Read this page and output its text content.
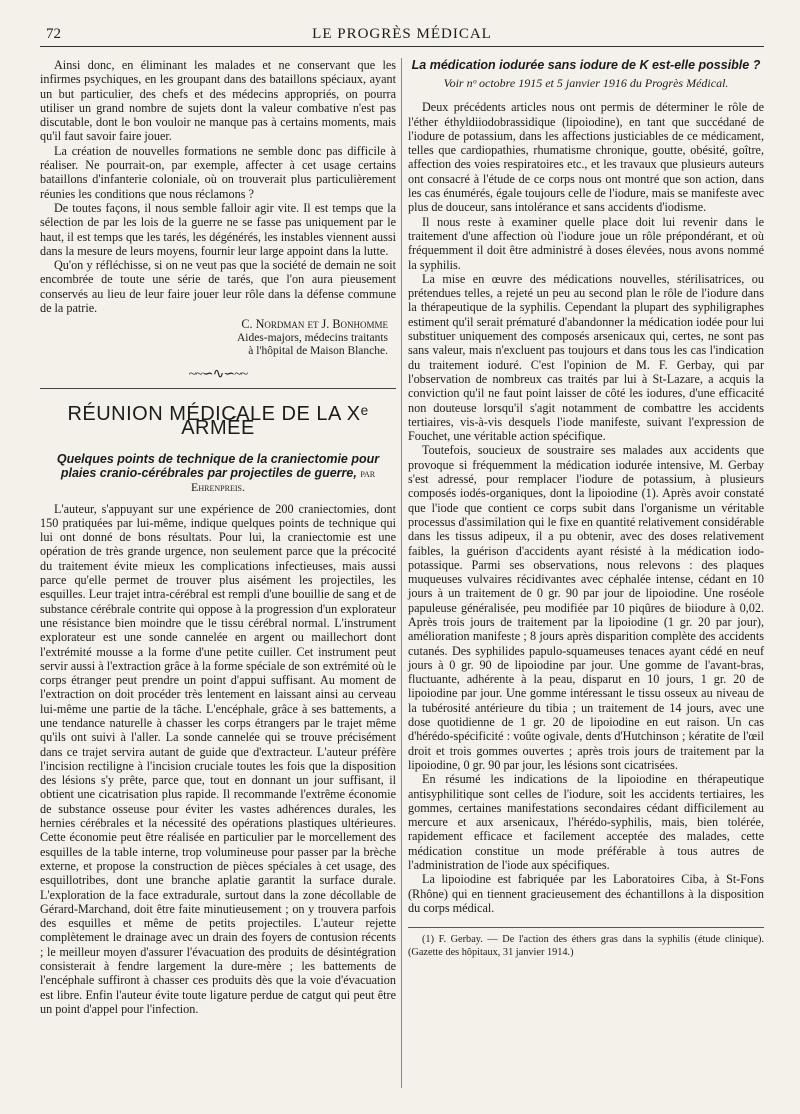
72	LE PROGRÈS MÉDICAL

Ainsi donc, en éliminant les malades et ne conservant que les infirmes psychiques, en les groupant dans des bataillons spéciaux, ayant un but particulier, des chefs et des médecins appropriés, on pourra utiliser un grand nombre de sujets dont la valeur combative n'est pas discutable, dont le bon vouloir ne manque pas à certains moments, mais qu'il faut savoir faire jouer.

La création de nouvelles formations ne semble donc pas difficile à réaliser. Ne pourrait-on, par exemple, affecter à cet usage certains bataillons d'infanterie coloniale, où on trouverait plus particulièrement réunies les conditions que nous réclamons ?

De toutes façons, il nous semble falloir agir vite. Il est temps que la sélection de par les lois de la guerre ne se fasse pas uniquement par le haut, il est temps que les tarés, les dégénérés, les instables viennent aussi dans la mesure de leurs moyens, fournir leur large appoint dans la lutte.

Qu'on y réfléchisse, si on ne veut pas que la société de demain ne soit encombrée de toute une série de tarés, que l'on aura pieusement conservés au lieu de leur faire jouer leur rôle dans la défense commune de la patrie.

C. Nordman et J. Bonhomme
Aides-majors, médecins traitants
à l'hôpital de Maison Blanche.
~~∽∿∽~~
RÉUNION MÉDICALE DE LA Xᵉ ARMÉE
Quelques points de technique de la craniectomie pour plaies cranio-cérébrales par projectiles de guerre, par Ehrenpreis.

L'auteur, s'appuyant sur une expérience de 200 craniectomies, dont 150 pratiquées par lui-même, indique quelques points de technique qui lui ont donné de bons résultats. Pour lui, la craniectomie est une opération de très grande urgence, non seulement parce que la précocité du traitement évite mieux les complications infectieuses, mais aussi parce qu'elle permet de trouver plus aisément les projectiles, les esquilles. Leur trajet intra-cérébral est rempli d'une bouillie de sang et de substance cérébrale contrite qui oppose à la progression d'un explorateur une résistance bien moindre que le tissu cérébral normal. L'instrument explorateur est une sonde cannelée en argent ou maillechort dont l'extrémité mousse a la forme d'une petite cuiller. Cet instrument peut servir aussi à l'extraction grâce à la forme spéciale de son extrémité où le corps étranger peut prendre un point d'appui suffisant. Au moment de l'extraction on doit procéder très lentement en laissant ainsi au cerveau lui-même une partie de la tâche. L'encéphale, grâce à ses battements, a une tendance naturelle à chasser les corps étrangers par le trajet même qu'ils ont suivi à l'aller. La sonde cannelée qui se trouve précisément dans ce trajet servira autant de guide que d'extracteur. L'auteur préfère l'incision rectiligne à l'incision cruciale toutes les fois que la disposition des lésions s'y prête, parce que, tout en donnant un jour suffisant, il obtient une cicatrisation plus rapide. Il recommande l'extrême économie de substance osseuse pour éviter les vastes adhérences durales, les hernies cérébrales et la nécessité des opérations plastiques ultérieures. Cette économie peut être réalisée en particulier par le morcellement des esquilles de la table interne, trop volumineuse pour passer par la brèche externe, et propose la construction de pièces spéciales à cet usage, des esquillotribes, dont une branche aplatie garantit la surface durale. L'exploration de la face extradurale, surtout dans la zone décollable de Gérard-Marchand, doit être faite minutieusement ; on y trouvera parfois des esquilles et même de petits projectiles. L'auteur rejette complètement le drainage avec un drain des foyers de contusion récents ; le meilleur moyen d'assurer l'évacuation des produits de désintégration consisterait à fendre largement la dure-mère ; les battements de l'encéphale suffiront à chasser ces produits dès que la voie d'évacuation est libre. Enfin l'auteur évite toute ligature perdue de catgut qui peut être un point d'appel pour l'infection.

La médication iodurée sans iodure de K est-elle possible ?
Voir nᵒ octobre 1915 et 5 janvier 1916 du Progrès Médical.

Deux précédents articles nous ont permis de déterminer le rôle de l'éther éthyldiiodobrassidique (lipoiodine), en tant que succédané de l'iodure de potassium, dans les affections justiciables de ce médicament, telles que cardiopathies, rhumatisme chronique, goutte, obésité, goître, affection des voies respiratoires etc., et les travaux que plusieurs auteurs ont consacré à l'étude de ce corps nous ont montré que son action, dans les cas énumérés, égale toujours celle de l'iodure, mais se manifeste avec plus de douceur, sans intolérance et sans accidents d'iodisme.

Il nous reste à examiner quelle place doit lui revenir dans le traitement d'une affection où l'iodure joue un rôle prépondérant, et où fréquemment il doit être administré à doses élevées, nous avons nommé la syphilis.

La mise en œuvre des médications nouvelles, stérilisatrices, ou prétendues telles, a rejeté un peu au second plan le rôle de l'iodure dans la thérapeutique de la syphilis. Cependant la plupart des syphiligraphes estiment qu'il serait prématuré d'abandonner la médication iodée pour lui substituer uniquement des composés arsenicaux qui, certes, ne sont pas sans valeur, mais n'excluent pas toujours et dans tous les cas l'indication du traitement ioduré. C'est l'opinion de M. F. Gerbay, qui par l'observation de nombreux cas traités par lui à St-Lazare, a acquis la conviction qu'il ne faut point laisser de côté les iodures, d'une efficacité non douteuse lorsqu'il s'agit notamment de combattre les accidents tertiaires, vis-à-vis desquels l'iode manifeste, suivant l'expression de Fouchet, une véritable action spécifique.

Toutefois, soucieux de soustraire ses malades aux accidents que provoque si fréquemment la médication iodurée intensive, M. Gerbay s'est adressé, pour remplacer l'iodure de potassium, à plusieurs composés iodés-organiques, dont la lipoiodine (1). Après avoir constaté que l'iode que contient ce corps subit dans l'organisme un véritable processus d'assimilation qui le fixe en quantité relativement considérable dans les tissus adipeux, il a pu obtenir, avec des doses relativement faibles, la guérison d'accidents ayant résisté à la médication iodo-potassique. Parmi ses observations, nous relevons : des plaques muqueuses vulvaires récidivantes avec céphalée intense, cédant en 10 jours à un traitement de 0 gr. 90 par jour de lipoiodine. Une roséole papuleuse généralisée, peu modifiée par 10 piqûres de biiodure à 0,02. Après trois jours de traitement par la lipoiodine (1 gr. 20 par jour), amélioration manifeste ; 8 jours après disparition complète des accidents cutanés. Des syphilides papulo-squameuses tenaces ayant cédé en neuf jours à 0 gr. 90 de lipoiodine par jour. Une gomme de l'avant-bras, fluctuante, adhérente à la peau, disparut en 10 jours, 1 gr. 20 de lipoiodine par jour. Une gomme intéressant le tissu osseux au niveau de la tubérosité antérieure du tibia ; un traitement de 14 jours, avec une dose quotidienne de 1 gr. 20 de lipoiodine en eut raison. Un cas d'hérédo-spécificité : voûte ogivale, dents d'Hutchinson ; kératite de l'œil droit et trois gommes ouvertes ; après trois jours de traitement par la lipoiodine, 0 gr. 90 par jour, les lésions sont cicatrisées.

En résumé les indications de la lipoiodine en thérapeutique antisyphilitique sont celles de l'iodure, soit les accidents tertiaires, les gommes, certaines manifestations secondaires cédant difficilement au mercure et aux arsenicaux, l'hérédo-syphilis, mais, bien tolérée, rapidement efficace et facilement acceptée des malades, cette médication constitue un mode préférable à tous autres de l'administration de l'iode aux spécifiques.

La lipoiodine est fabriquée par les Laboratoires Ciba, à St-Fons (Rhône) qui en tiennent gracieusement des échantillons à la disposition du corps médical.

(1) F. Gerbay. — De l'action des éthers gras dans la syphilis (étude clinique). (Gazette des hôpitaux, 31 janvier 1914.)
